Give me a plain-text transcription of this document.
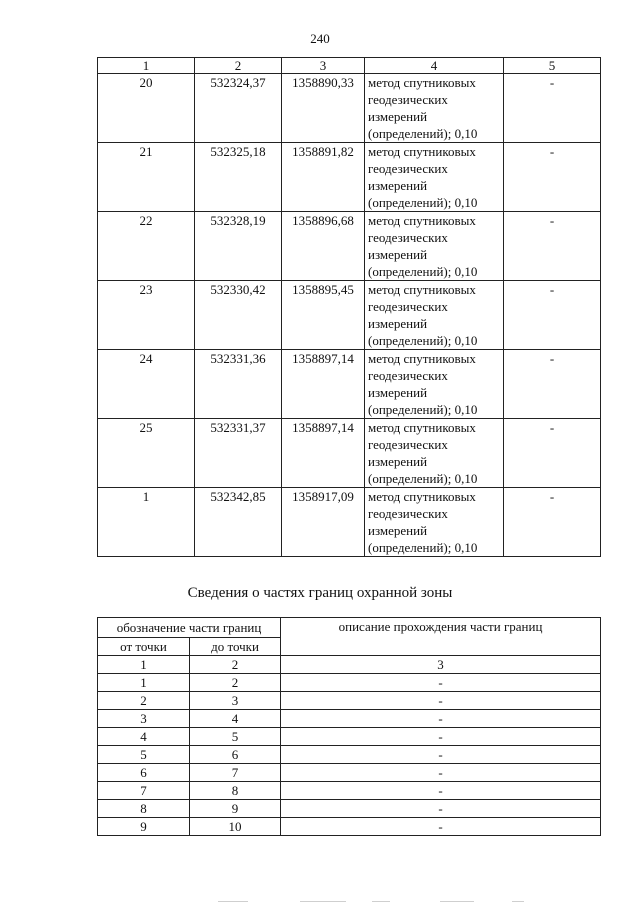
240
1	2	3	4	5
20	532324,37	1358890,33	метод спутниковых
геодезических
измерений
(определений); 0,10	-
21	532325,18	1358891,82	метод спутниковых
геодезических
измерений
(определений); 0,10	-
22	532328,19	1358896,68	метод спутниковых
геодезических
измерений
(определений); 0,10	-
23	532330,42	1358895,45	метод спутниковых
геодезических
измерений
(определений); 0,10	-
24	532331,36	1358897,14	метод спутниковых
геодезических
измерений
(определений); 0,10	-
25	532331,37	1358897,14	метод спутниковых
геодезических
измерений
(определений); 0,10	-
1	532342,85	1358917,09	метод спутниковых
геодезических
измерений
(определений); 0,10	-
Сведения о частях границ охранной зоны
обозначение части границ		описание прохождения части границ
от точки	до точки	
1	2	3
1	2	-
2	3	-
3	4	-
4	5	-
5	6	-
6	7	-
7	8	-
8	9	-
9	10	-
